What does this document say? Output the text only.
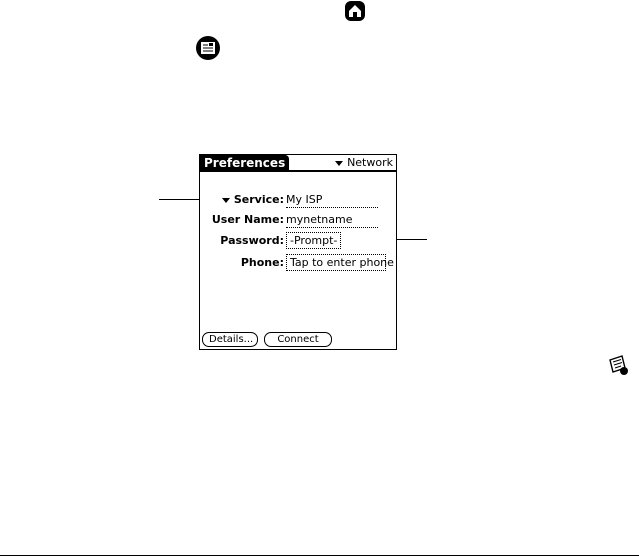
Preferences	Network
Service: My ISP
User Name: mynetname
Password: -Prompt-
Phone: Tap to enter phone
Details...	Connect
